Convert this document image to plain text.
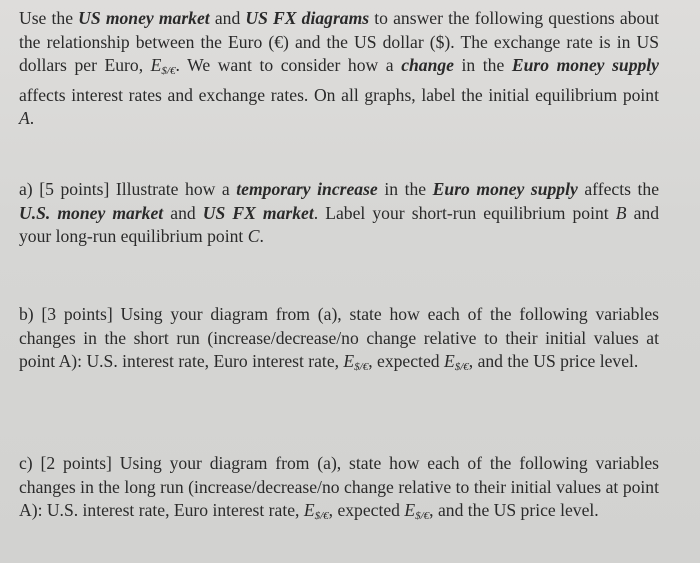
Use the US money market and US FX diagrams to answer the following questions about the relationship between the Euro (€) and the US dollar ($). The exchange rate is in US dollars per Euro, $E_{\$/€}$. We want to consider how a change in the Euro money supply affects interest rates and exchange rates. On all graphs, label the initial equilibrium point A.
a) [5 points] Illustrate how a temporary increase in the Euro money supply affects the U.S. money market and US FX market. Label your short-run equilibrium point B and your long-run equilibrium point C.
b) [3 points] Using your diagram from (a), state how each of the following variables changes in the short run (increase/decrease/no change relative to their initial values at point A): U.S. interest rate, Euro interest rate, $E_{\$/€}$, expected $E_{\$/€}$, and the US price level.
c) [2 points] Using your diagram from (a), state how each of the following variables changes in the long run (increase/decrease/no change relative to their initial values at point A): U.S. interest rate, Euro interest rate, $E_{\$/€}$, expected $E_{\$/€}$, and the US price level.
